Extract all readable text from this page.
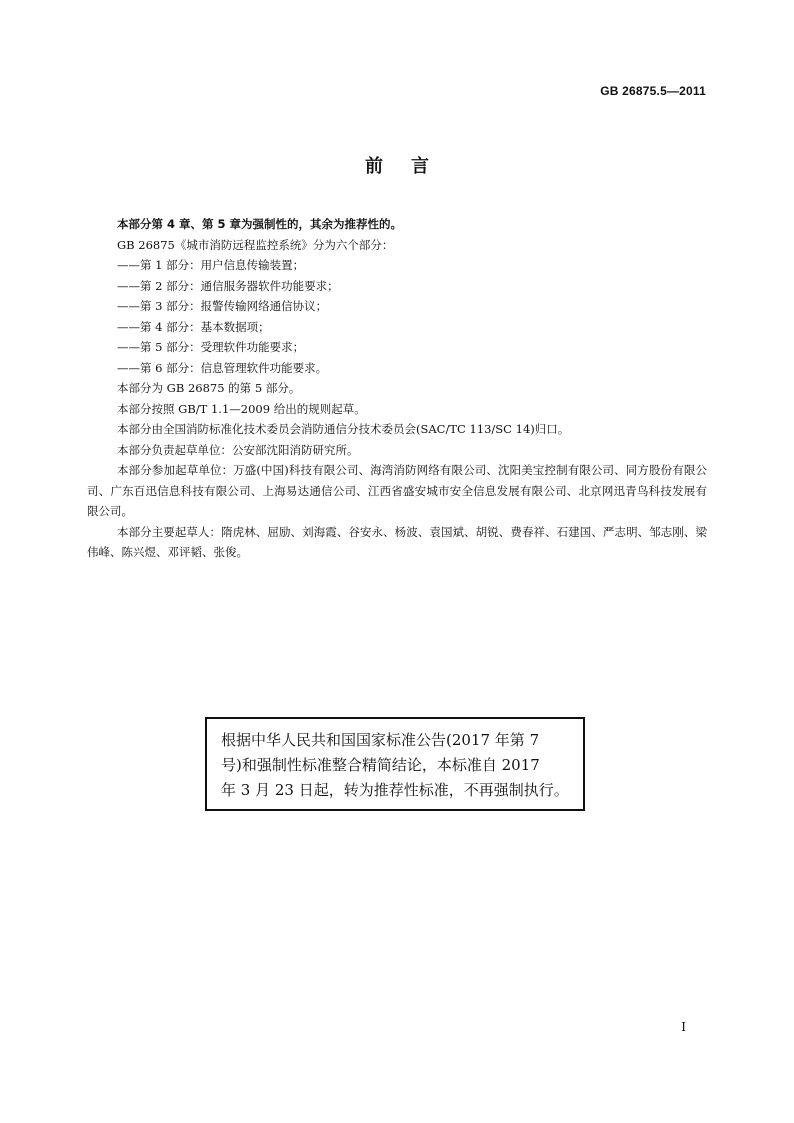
GB 26875.5—2011
前言

本部分第 4 章、第 5 章为强制性的，其余为推荐性的。

GB 26875《城市消防远程监控系统》分为六个部分：

——第 1 部分：用户信息传输装置；

——第 2 部分：通信服务器软件功能要求；

——第 3 部分：报警传输网络通信协议；

——第 4 部分：基本数据项；

——第 5 部分：受理软件功能要求；

——第 6 部分：信息管理软件功能要求。

本部分为 GB 26875 的第 5 部分。

本部分按照 GB/T 1.1—2009 给出的规则起草。

本部分由全国消防标准化技术委员会消防通信分技术委员会(SAC/TC 113/SC 14)归口。

本部分负责起草单位：公安部沈阳消防研究所。

本部分参加起草单位：万盛(中国)科技有限公司、海湾消防网络有限公司、沈阳美宝控制有限公司、同方股份有限公司、广东百迅信息科技有限公司、上海易达通信公司、江西省盛安城市安全信息发展有限公司、北京网迅青鸟科技发展有限公司。

本部分主要起草人：隋虎林、屈励、刘海霞、谷安永、杨波、袁国斌、胡锐、费春祥、石建国、严志明、邹志刚、梁伟峰、陈兴煜、邓评韬、张俊。

根据中华人民共和国国家标准公告(2017 年第 7
号)和强制性标准整合精简结论，本标准自 2017
年 3 月 23 日起，转为推荐性标准，不再强制执行。
I
